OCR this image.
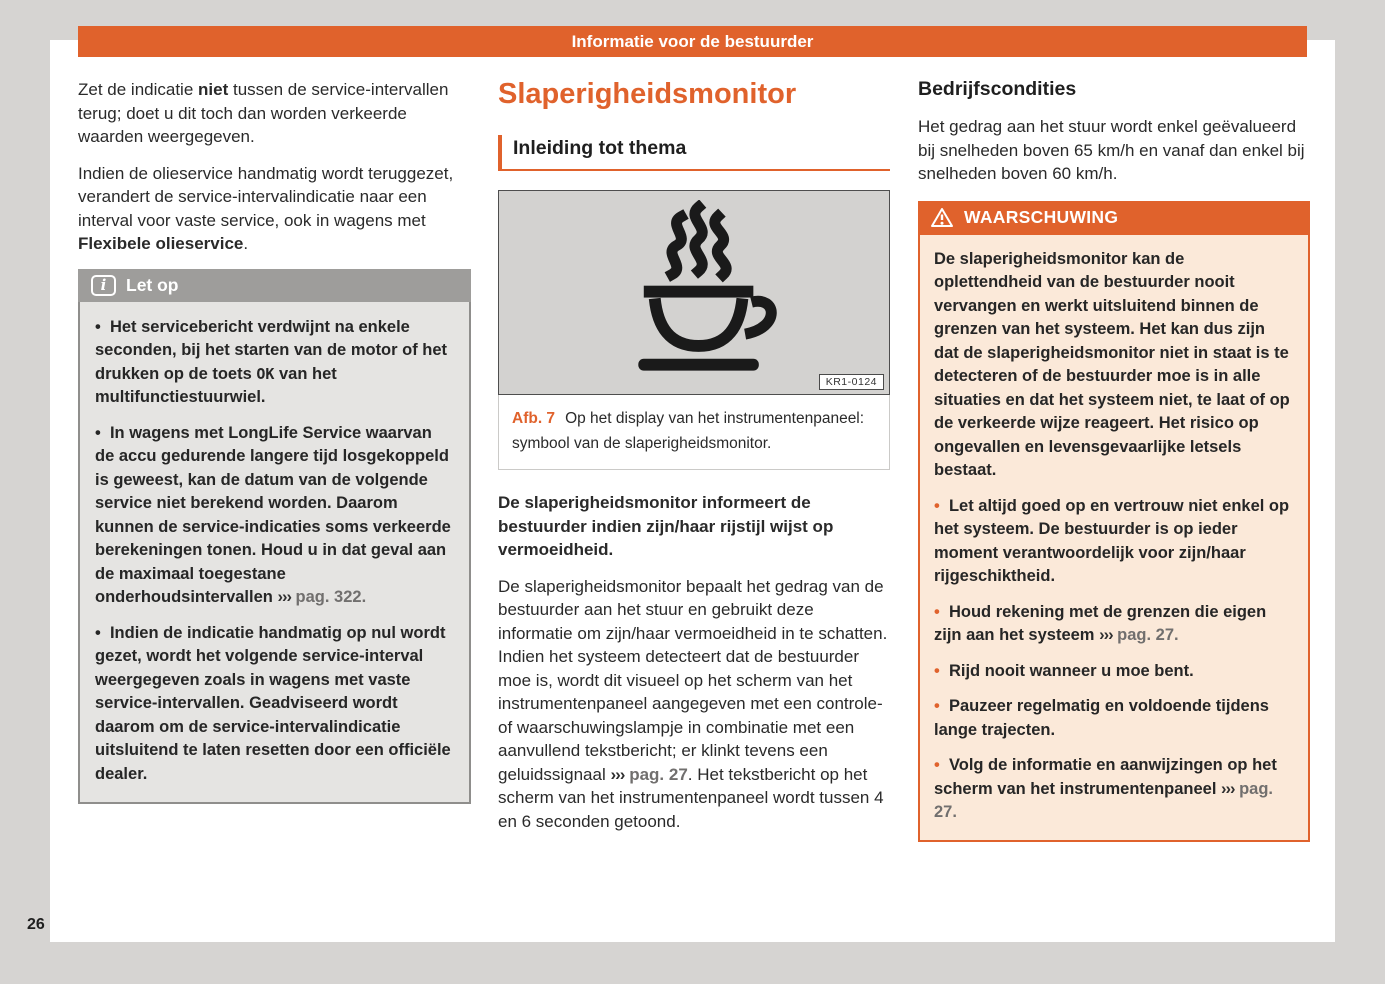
Informatie voor de bestuurder
26

Zet de indicatie niet tussen de service-intervallen terug; doet u dit toch dan worden verkeerde waarden weergegeven.

Indien de olieservice handmatig wordt teruggezet, verandert de service-intervalindicatie naar een interval voor vaste service, ook in wagens met Flexibele olieservice.

i Let op

• Het servicebericht verdwijnt na enkele seconden, bij het starten van de motor of het drukken op de toets OK van het multifunctiestuurwiel.

• In wagens met LongLife Service waarvan de accu gedurende langere tijd losgekoppeld is geweest, kan de datum van de volgende service niet berekend worden. Daarom kunnen de service-indicaties soms verkeerde berekeningen tonen. Houd u in dat geval aan de maximaal toegestane onderhoudsintervallen ››› pag. 322.

• Indien de indicatie handmatig op nul wordt gezet, wordt het volgende service-interval weergegeven zoals in wagens met vaste service-intervallen. Geadviseerd wordt daarom om de service-intervalindicatie uitsluitend te laten resetten door een officiële dealer.

Slaperigheidsmonitor
Inleiding tot thema
KR1-0124
Afb. 7 Op het display van het instrumentenpaneel: symbool van de slaperigheidsmonitor.

De slaperigheidsmonitor informeert de bestuurder indien zijn/haar rijstijl wijst op vermoeidheid.

De slaperigheidsmonitor bepaalt het gedrag van de bestuurder aan het stuur en gebruikt deze informatie om zijn/haar vermoeidheid in te schatten. Indien het systeem detecteert dat de bestuurder moe is, wordt dit visueel op het scherm van het instrumentenpaneel aangegeven met een controle- of waarschuwingslampje in combinatie met een aanvullend tekstbericht; er klinkt tevens een geluidssignaal ››› pag. 27. Het tekstbericht op het scherm van het instrumentenpaneel wordt tussen 4 en 6 seconden getoond.

Bedrijfscondities

Het gedrag aan het stuur wordt enkel geëvalueerd bij snelheden boven 65 km/h en vanaf dan enkel bij snelheden boven 60 km/h.

WAARSCHUWING

De slaperigheidsmonitor kan de oplettendheid van de bestuurder nooit vervangen en werkt uitsluitend binnen de grenzen van het systeem. Het kan dus zijn dat de slaperigheidsmonitor niet in staat is te detecteren of de bestuurder moe is in alle situaties en dat het systeem niet, te laat of op de verkeerde wijze reageert. Het risico op ongevallen en levensgevaarlijke letsels bestaat.

• Let altijd goed op en vertrouw niet enkel op het systeem. De bestuurder is op ieder moment verantwoordelijk voor zijn/haar rijgeschiktheid.

• Houd rekening met de grenzen die eigen zijn aan het systeem ››› pag. 27.

• Rijd nooit wanneer u moe bent.

• Pauzeer regelmatig en voldoende tijdens lange trajecten.

• Volg de informatie en aanwijzingen op het scherm van het instrumentenpaneel ››› pag. 27.
